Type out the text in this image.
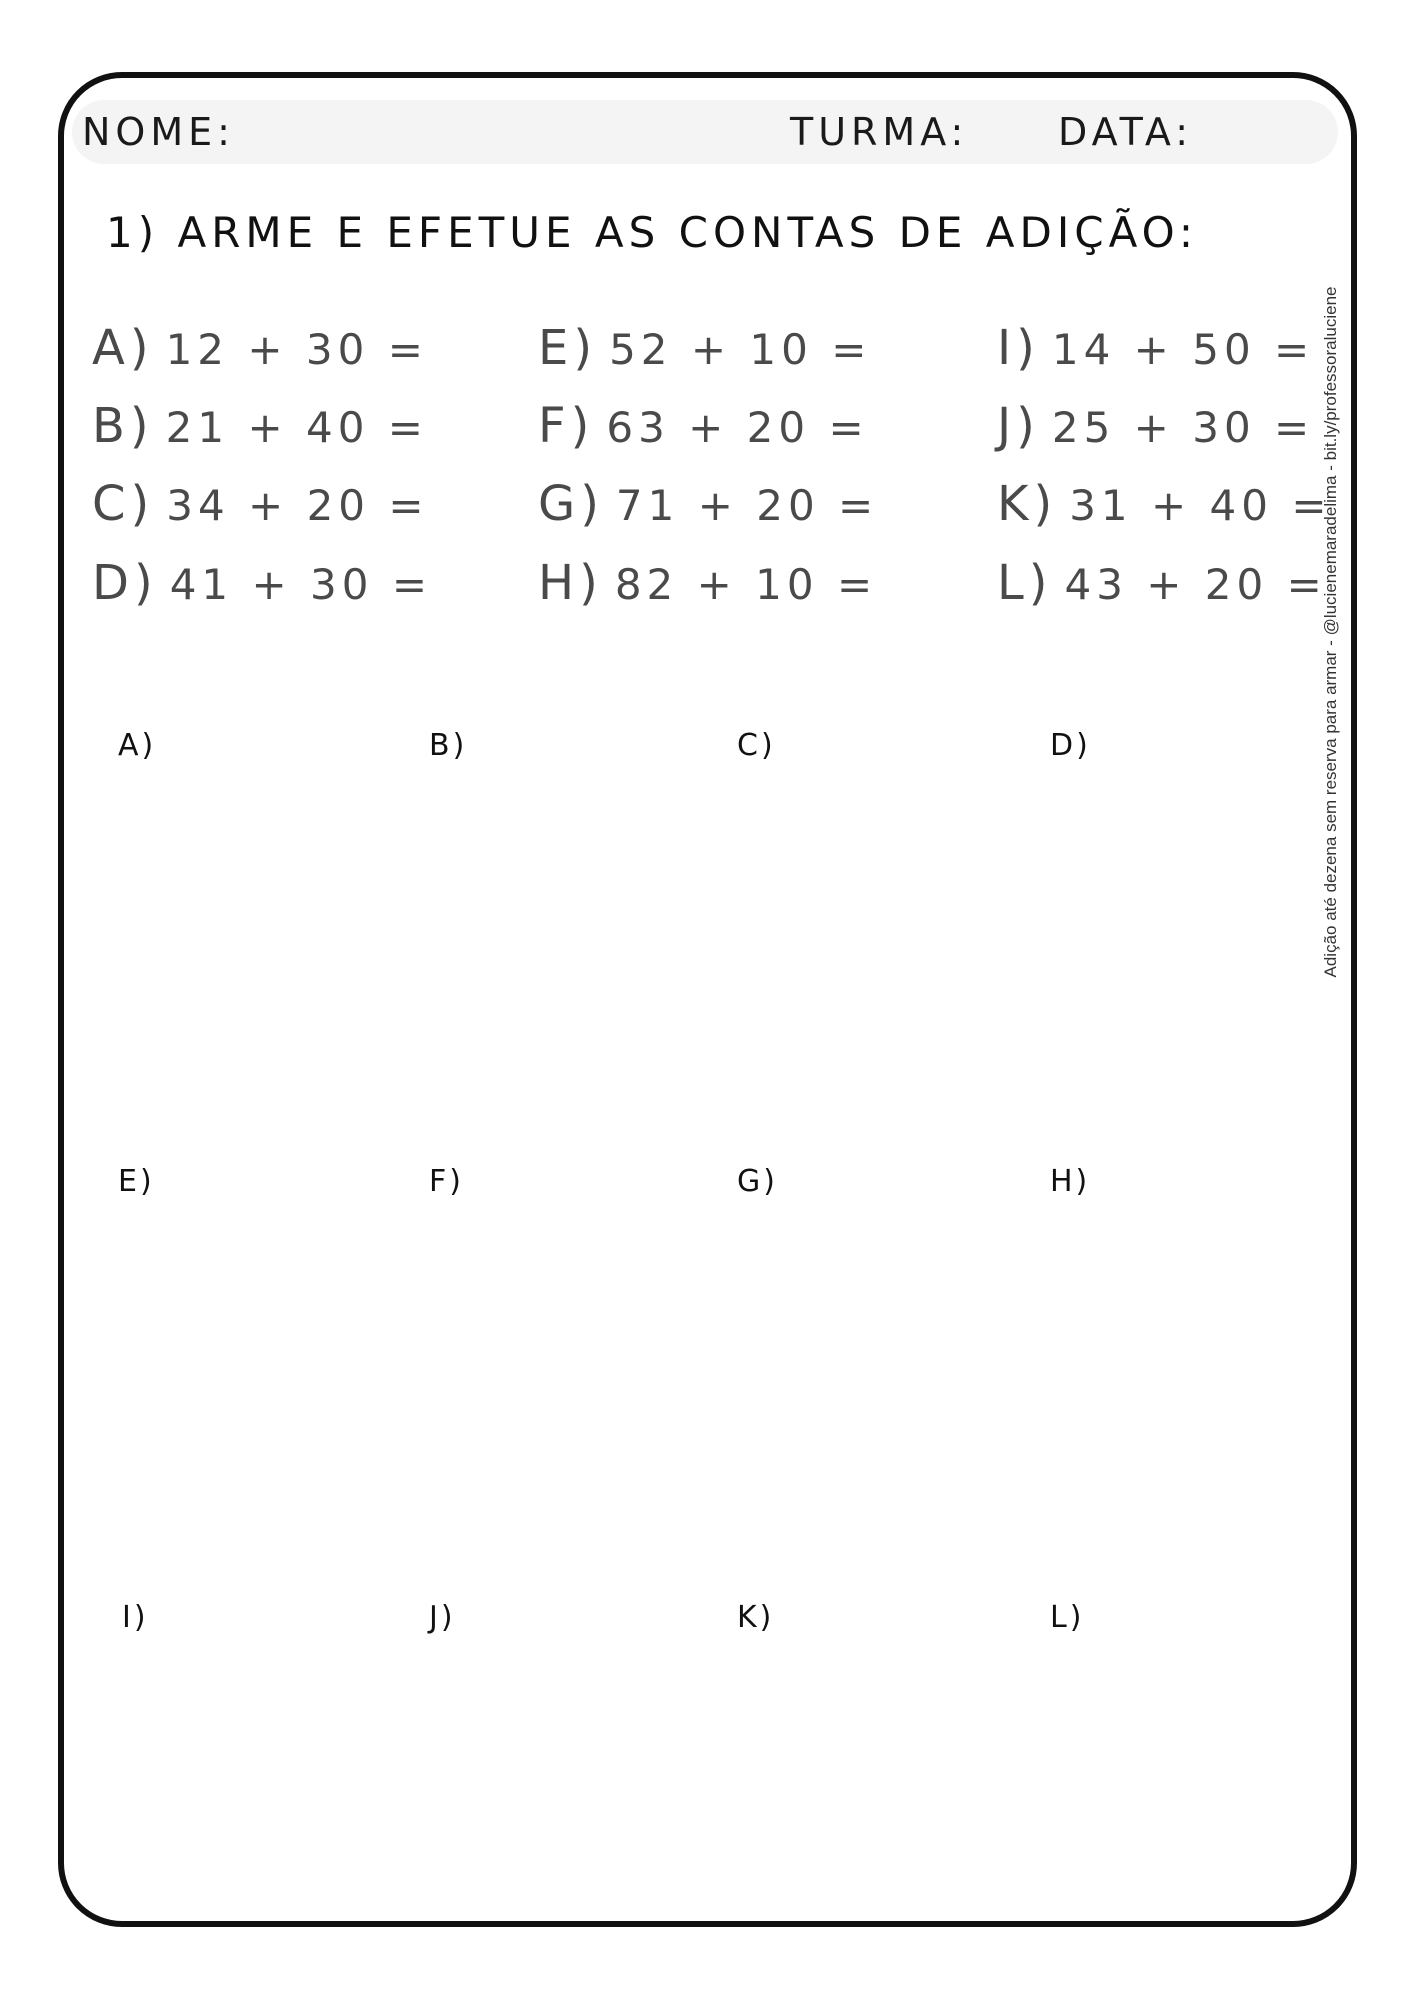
NOME:	TURMA: DATA:
1) ARME E EFETUE AS CONTAS DE ADIÇÃO:
A) 12 + 30 =
B) 21 + 40 =
C) 34 + 20 =
D) 41 + 30 =
E) 52 + 10 =
F) 63 + 20 =
G) 71 + 20 =
H) 82 + 10 =
I) 14 + 50 =
J) 25 + 30 =
K) 31 + 40 =
L) 43 + 20 =
A)	B)	C)	D)
E)	F)	G)	H)
I)	J)	K)	L)
Adição até dezena sem reserva para armar - @lucienemaradelima - bit.ly/professoraluciene
